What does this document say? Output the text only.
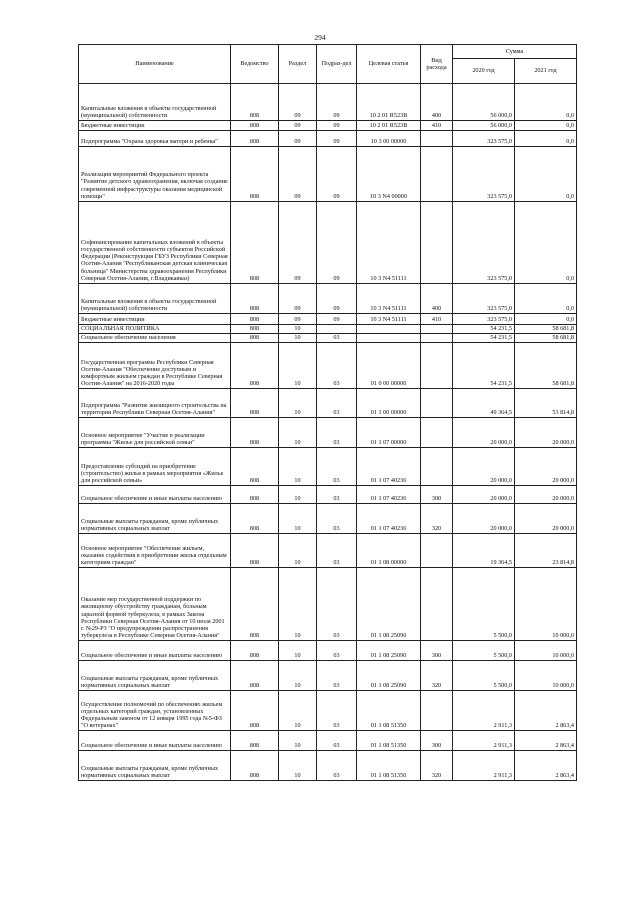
294
Наименование	Ведомство	Раздел	Подраз-дел	Целевая статья	Вид расхода	Сумма	
						2020 год	2021 год
Капитальные вложения в объекты государственной (муниципальной) собственности	808	09	09	10 2 01 R523В	400	56 000,0	0,0
Бюджетные инвестиции	808	09	09	10 2 01 R523В	410	56 000,0	0,0
Подпрограмма "Охрана здоровья матери и ребенка"	808	09	09	10 3 00 00000		323 575,0	0,0
Реализация мероприятий Федерального проекта "Развитие детского здравоохранения, включая создание современной инфраструктуры оказания медицинской помощи"	808	09	09	10 3 N4 00000		323 575,0	0,0
Софинансирование капитальных вложений в объекты государственной собственности субъектов Российской Федерации (Реконструкция ГБУЗ Республики Северная Осетия-Алания "Республиканская детская клиническая больница" Министерства здравоохранения Республики Северная Осетия-Алания, г.Владикавказ)	808	09	09	10 3 N4 51111		323 575,0	0,0
Капитальные вложения в объекты государственной (муниципальной) собственности	808	09	09	10 3 N4 51111	400	323 575,0	0,0
Бюджетные инвестиции	808	09	09	10 3 N4 51111	410	323 575,0	0,0
СОЦИАЛЬНАЯ ПОЛИТИКА	808	10				54 231,5	58 681,8
Социальное обеспечение населения	808	10	03			54 231,5	58 681,8
Государственная программа Республики Северная Осетия-Алания "Обеспечение доступным и комфортным жильем граждан в Республике Северная Осетия-Алания" на 2016-2020 годы	808	10	03	01 0 00 00000		54 231,5	58 681,8
Подпрограмма "Развитие жилищного строительства на территории Республики Северная Осетия-Алания"	808	10	03	01 1 00 00000		49 364,5	53 814,8
Основное мероприятие "Участие в реализации программы "Жилье для российской семьи"	808	10	03	01 1 07 00000		20 000,0	20 000,0
Предоставление субсидий на приобретение (строительство) жилья в рамках мероприятия «Жилье для российской семьи»	808	10	03	01 1 07 40236		20 000,0	20 000,0
Социальное обеспечение и иные выплаты населению	808	10	03	01 1 07 40236	300	20 000,0	20 000,0
Социальные выплаты гражданам, кроме публичных нормативных социальных выплат	808	10	03	01 1 07 40236	320	20 000,0	20 000,0
Основное мероприятие "Обеспечение жильем, оказание содействия в приобретении жилья отдельным категориям граждан"	808	10	03	01 1 08 00000		19 364,5	23 814,8
Оказание мер государственной поддержки по жилищному обустройству гражданам, больным заразной формой туберкулеза, в рамках Закона Республики Северная Осетия-Алания от 10 июля 2001 г. №29-РЗ "О предупреждении распространения туберкулеза в Республике Северная Осетия-Алания"	808	10	03	01 1 08 25090		5 500,0	10 000,0
Социальное обеспечение и иные выплаты населению	808	10	03	01 1 08 25090	300	5 500,0	10 000,0
Социальные выплаты гражданам, кроме публичных нормативных социальных выплат	808	10	03	01 1 08 25090	320	5 500,0	10 000,0
Осуществление полномочий по обеспечению жильем отдельных категорий граждан, установленных Федеральным законом от 12 января 1995 года №5-ФЗ "О ветеранах"	808	10	03	01 1 08 51350		2 911,3	2 863,4
Социальное обеспечение и иные выплаты населению	808	10	03	01 1 08 51350	300	2 911,3	2 863,4
Социальные выплаты гражданам, кроме публичных нормативных социальных выплат	808	10	03	01 1 08 51350	320	2 911,3	2 863,4
